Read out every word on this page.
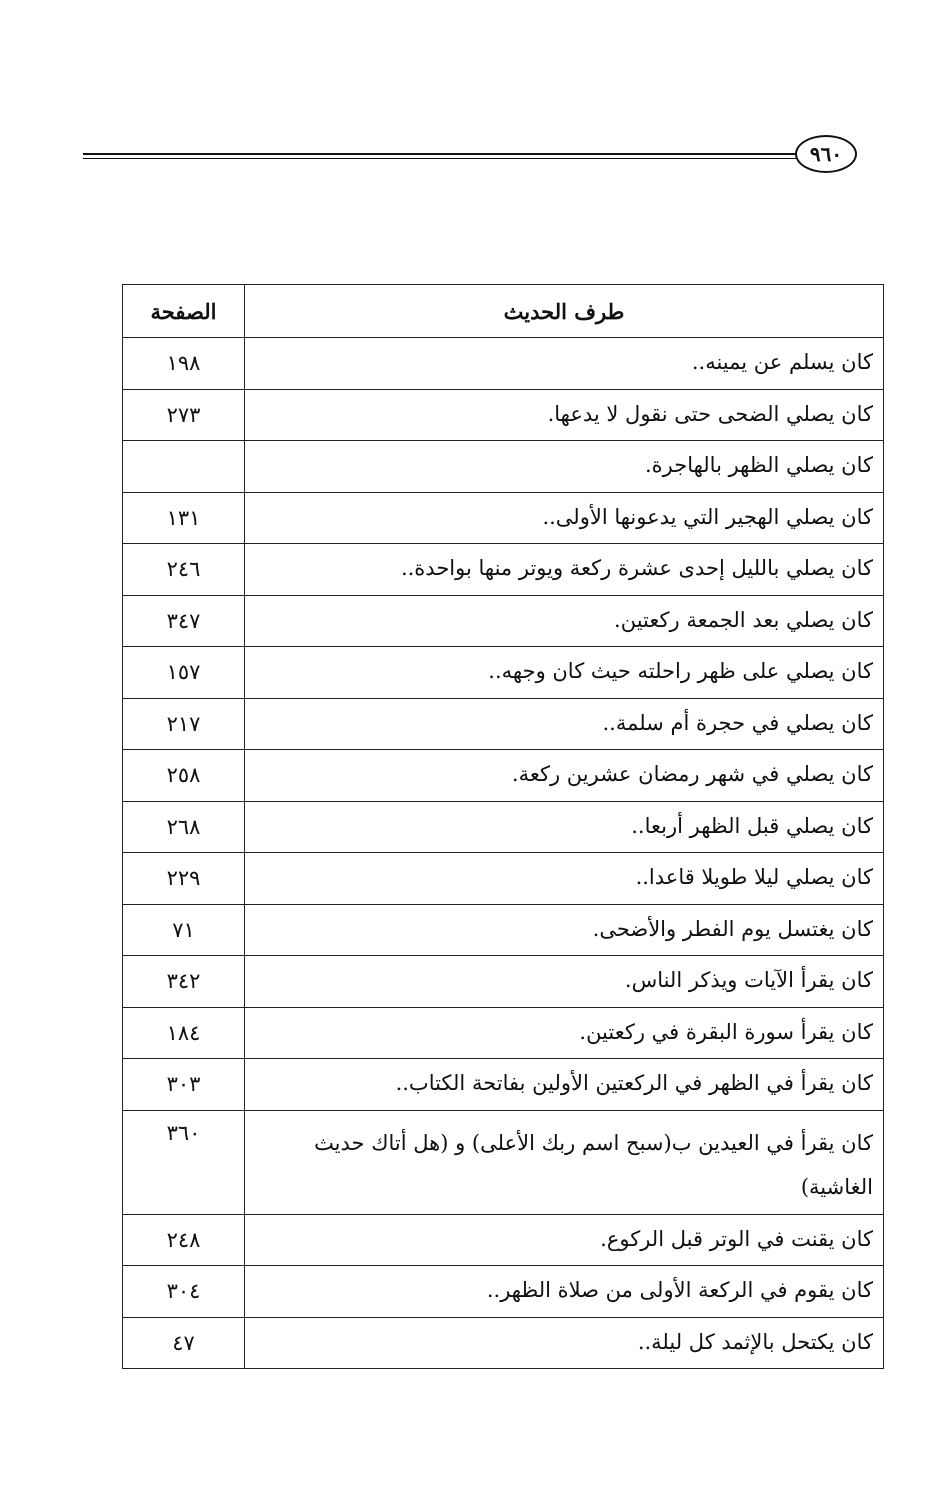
٩٦٠
طرف الحديث	الصفحة
كان يسلم عن يمينه..	١٩٨
كان يصلي الضحى حتى نقول لا يدعها.	٢٧٣
كان يصلي الظهر بالهاجرة.	
كان يصلي الهجير التي يدعونها الأولى..	١٣١
كان يصلي بالليل إحدى عشرة ركعة ويوتر منها بواحدة..	٢٤٦
كان يصلي بعد الجمعة ركعتين.	٣٤٧
كان يصلي على ظهر راحلته حيث كان وجهه..	١٥٧
كان يصلي في حجرة أم سلمة..	٢١٧
كان يصلي في شهر رمضان عشرين ركعة.	٢٥٨
كان يصلي قبل الظهر أربعا..	٢٦٨
كان يصلي ليلا طويلا قاعدا..	٢٢٩
كان يغتسل يوم الفطر والأضحى.	٧١
كان يقرأ الآيات ويذكر الناس.	٣٤٢
كان يقرأ سورة البقرة في ركعتين.	١٨٤
كان يقرأ في الظهر في الركعتين الأولين بفاتحة الكتاب..	٣٠٣
كان يقرأ في العيدين ب(سبح اسم ربك الأعلى) و (هل أتاك حديث الغاشية)	٣٦٠
كان يقنت في الوتر قبل الركوع.	٢٤٨
كان يقوم في الركعة الأولى من صلاة الظهر..	٣٠٤
كان يكتحل بالإثمد كل ليلة..	٤٧
